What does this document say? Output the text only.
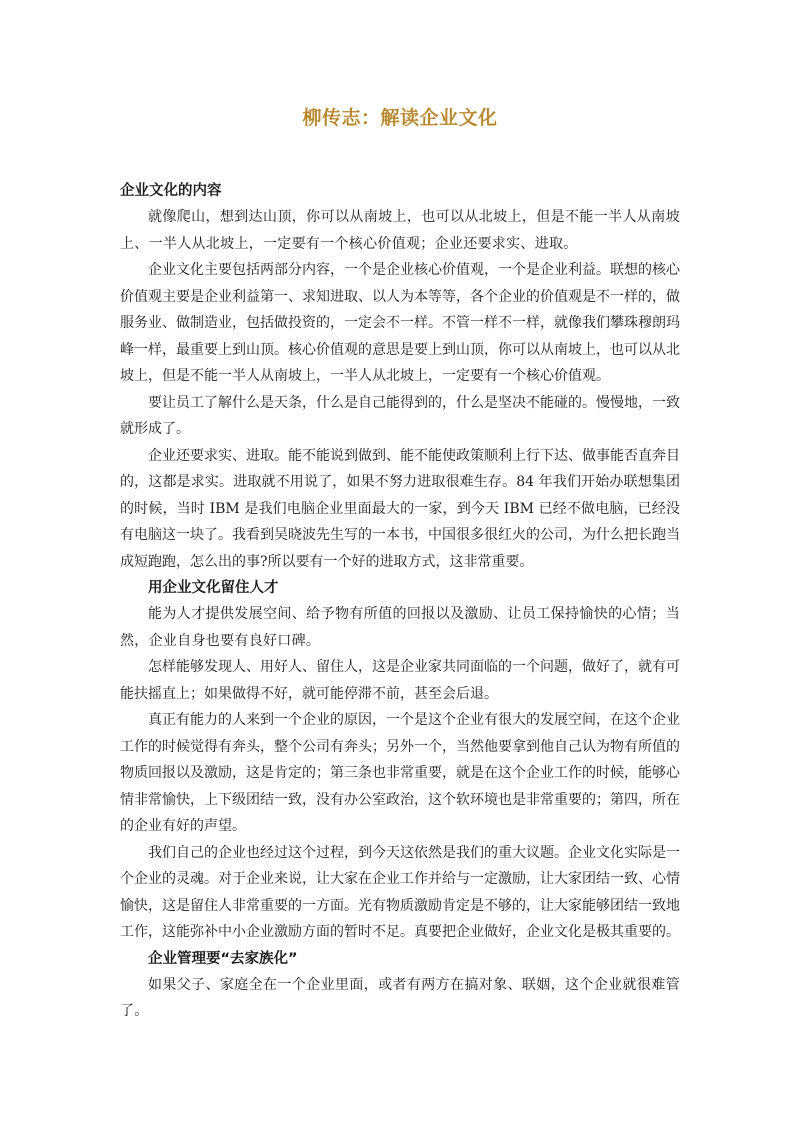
柳传志：解读企业文化
企业文化的内容

就像爬山，想到达山顶，你可以从南坡上，也可以从北坡上，但是不能一半人从南坡上、一半人从北坡上，一定要有一个核心价值观；企业还要求实、进取。

企业文化主要包括两部分内容，一个是企业核心价值观，一个是企业利益。联想的核心价值观主要是企业利益第一、求知进取、以人为本等等，各个企业的价值观是不一样的，做服务业、做制造业，包括做投资的，一定会不一样。不管一样不一样，就像我们攀珠穆朗玛峰一样，最重要上到山顶。核心价值观的意思是要上到山顶，你可以从南坡上，也可以从北坡上，但是不能一半人从南坡上，一半人从北坡上，一定要有一个核心价值观。

要让员工了解什么是天条，什么是自己能得到的，什么是坚决不能碰的。慢慢地，一致就形成了。

企业还要求实、进取。能不能说到做到、能不能使政策顺利上行下达、做事能否直奔目的，这都是求实。进取就不用说了，如果不努力进取很难生存。84 年我们开始办联想集团的时候，当时 IBM 是我们电脑企业里面最大的一家，到今天 IBM 已经不做电脑，已经没有电脑这一块了。我看到吴晓波先生写的一本书，中国很多很红火的公司，为什么把长跑当成短跑跑，怎么出的事?所以要有一个好的进取方式，这非常重要。

用企业文化留住人才

能为人才提供发展空间、给予物有所值的回报以及激励、让员工保持愉快的心情；当然，企业自身也要有良好口碑。

怎样能够发现人、用好人、留住人，这是企业家共同面临的一个问题，做好了，就有可能扶摇直上；如果做得不好，就可能停滞不前，甚至会后退。

真正有能力的人来到一个企业的原因，一个是这个企业有很大的发展空间，在这个企业工作的时候觉得有奔头，整个公司有奔头；另外一个，当然他要拿到他自己认为物有所值的物质回报以及激励，这是肯定的；第三条也非常重要，就是在这个企业工作的时候，能够心情非常愉快，上下级团结一致，没有办公室政治，这个软环境也是非常重要的；第四，所在的企业有好的声望。

我们自己的企业也经过这个过程，到今天这依然是我们的重大议题。企业文化实际是一个企业的灵魂。对于企业来说，让大家在企业工作并给与一定激励，让大家团结一致、心情愉快，这是留住人非常重要的一方面。光有物质激励肯定是不够的，让大家能够团结一致地工作，这能弥补中小企业激励方面的暂时不足。真要把企业做好，企业文化是极其重要的。

企业管理要“去家族化”

如果父子、家庭全在一个企业里面，或者有两方在搞对象、联姻，这个企业就很难管了。
